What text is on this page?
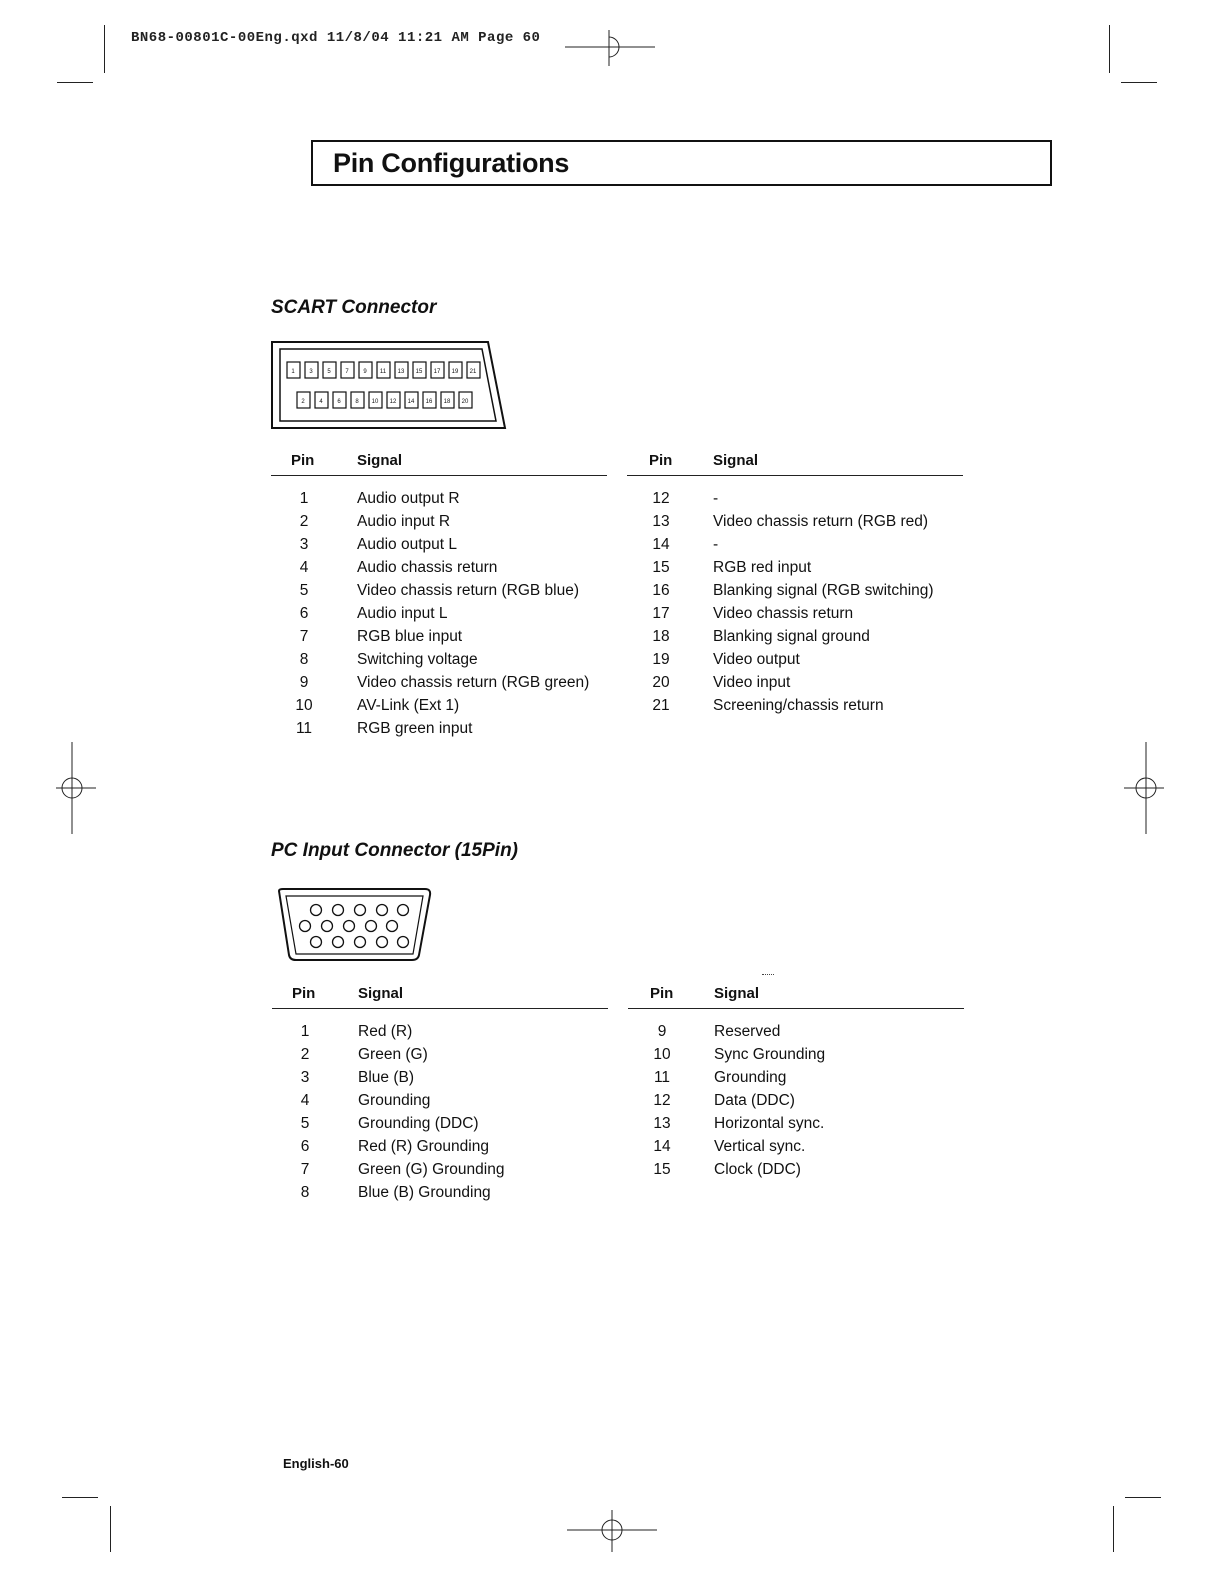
BN68-00801C-00Eng.qxd 11/8/04 11:21 AM Page 60
Pin Configurations
SCART Connector
1 3 5 7 9 11 13 15 17 19 21
2 4 6 8 10 12 14 16 18 20
Pin	Signal
1	Audio output R
2	Audio input R
3	Audio output L
4	Audio chassis return
5	Video chassis return (RGB blue)
6	Audio input L
7	RGB blue input
8	Switching voltage
9	Video chassis return (RGB green)
10	AV-Link (Ext 1)
11	RGB green input
Pin	Signal
12	-
13	Video chassis return (RGB red)
14	-
15	RGB red input
16	Blanking signal (RGB switching)
17	Video chassis return
18	Blanking signal ground
19	Video output
20	Video input
21	Screening/chassis return
PC Input Connector (15Pin)
Pin	Signal
1	Red (R)
2	Green (G)
3	Blue (B)
4	Grounding
5	Grounding (DDC)
6	Red (R) Grounding
7	Green (G) Grounding
8	Blue (B) Grounding
Pin	Signal
9	Reserved
10	Sync Grounding
11	Grounding
12	Data (DDC)
13	Horizontal sync.
14	Vertical sync.
15	Clock (DDC)
English-60
